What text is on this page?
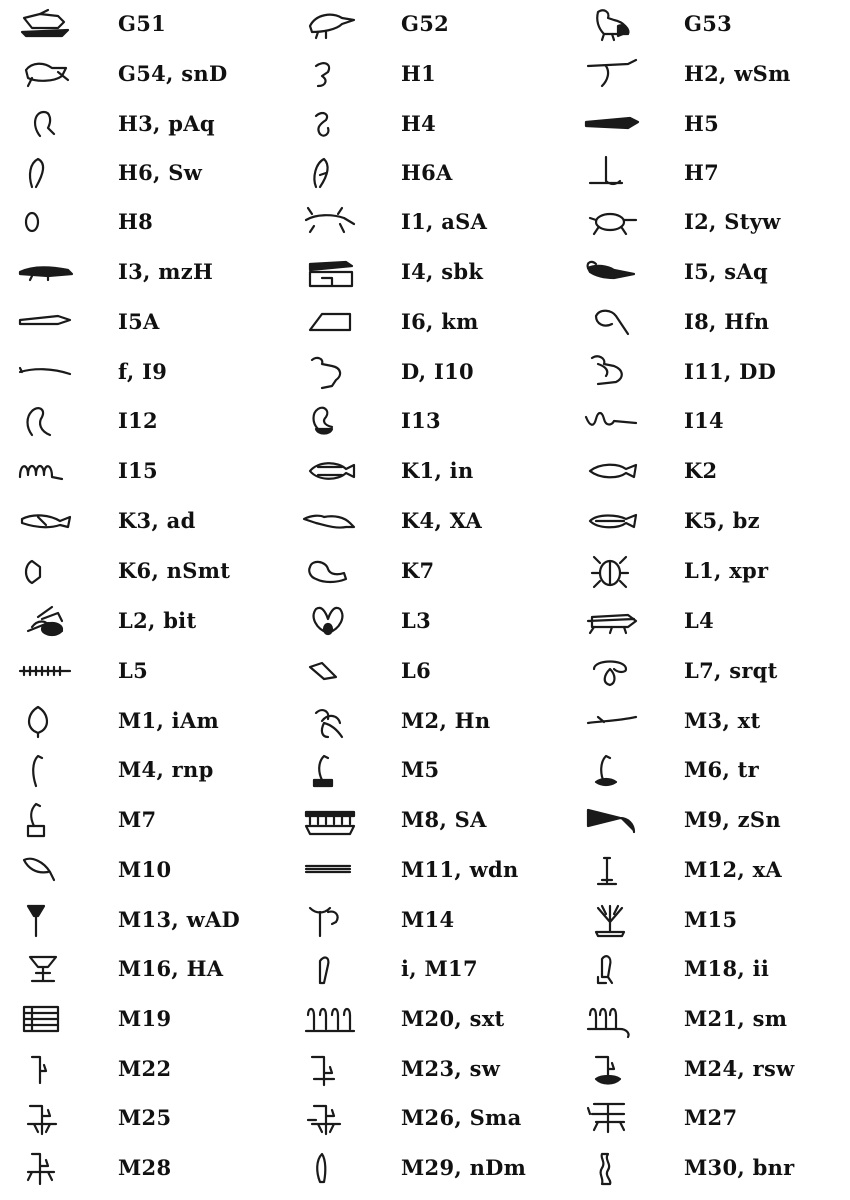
G51	G52	G53
G54, snD	H1	H2, wSm
H3, pAq	H4	H5
H6, Sw	H6A	H7
H8	I1, aSA	I2, Styw
I3, mzH	I4, sbk	I5, sAq
I5A	I6, km	I8, Hfn
f, I9	D, I10	I11, DD
I12	I13	I14
I15	K1, in	K2
K3, ad	K4, XA	K5, bz
K6, nSmt	K7	L1, xpr
L2, bit	L3	L4
L5	L6	L7, srqt
M1, iAm	M2, Hn	M3, xt
M4, rnp	M5	M6, tr
M7	M8, SA	M9, zSn
M10	M11, wdn	M12, xA
M13, wAD	M14	M15
M16, HA	i, M17	M18, ii
M19	M20, sxt	M21, sm
M22	M23, sw	M24, rsw
M25	M26, Sma	M27
M28	M29, nDm	M30, bnr
